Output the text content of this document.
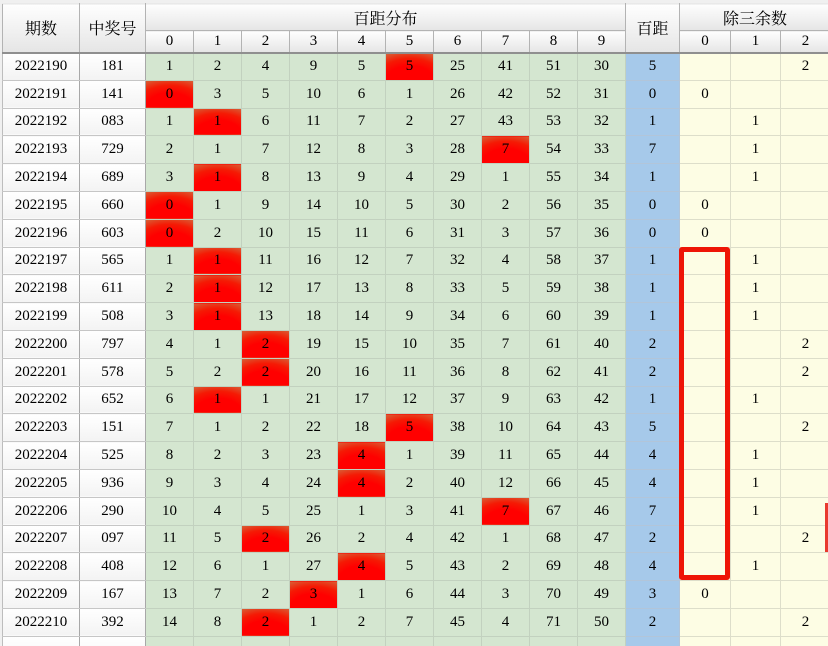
期数	中奖号	百距分布										百距	除三余数		
		0	1	2	3	4	5	6	7	8	9		0	1	2
2022190	181	1	2	4	9	5	5	25	41	51	30	5			2
2022191	141	0	3	5	10	6	1	26	42	52	31	0	0		
2022192	083	1	1	6	11	7	2	27	43	53	32	1		1	
2022193	729	2	1	7	12	8	3	28	7	54	33	7		1	
2022194	689	3	1	8	13	9	4	29	1	55	34	1		1	
2022195	660	0	1	9	14	10	5	30	2	56	35	0	0		
2022196	603	0	2	10	15	11	6	31	3	57	36	0	0		
2022197	565	1	1	11	16	12	7	32	4	58	37	1		1	
2022198	611	2	1	12	17	13	8	33	5	59	38	1		1	
2022199	508	3	1	13	18	14	9	34	6	60	39	1		1	
2022200	797	4	1	2	19	15	10	35	7	61	40	2			2
2022201	578	5	2	2	20	16	11	36	8	62	41	2			2
2022202	652	6	1	1	21	17	12	37	9	63	42	1		1	
2022203	151	7	1	2	22	18	5	38	10	64	43	5			2
2022204	525	8	2	3	23	4	1	39	11	65	44	4		1	
2022205	936	9	3	4	24	4	2	40	12	66	45	4		1	
2022206	290	10	4	5	25	1	3	41	7	67	46	7		1	
2022207	097	11	5	2	26	2	4	42	1	68	47	2			2
2022208	408	12	6	1	27	4	5	43	2	69	48	4		1	
2022209	167	13	7	2	3	1	6	44	3	70	49	3	0		
2022210	392	14	8	2	1	2	7	45	4	71	50	2			2
